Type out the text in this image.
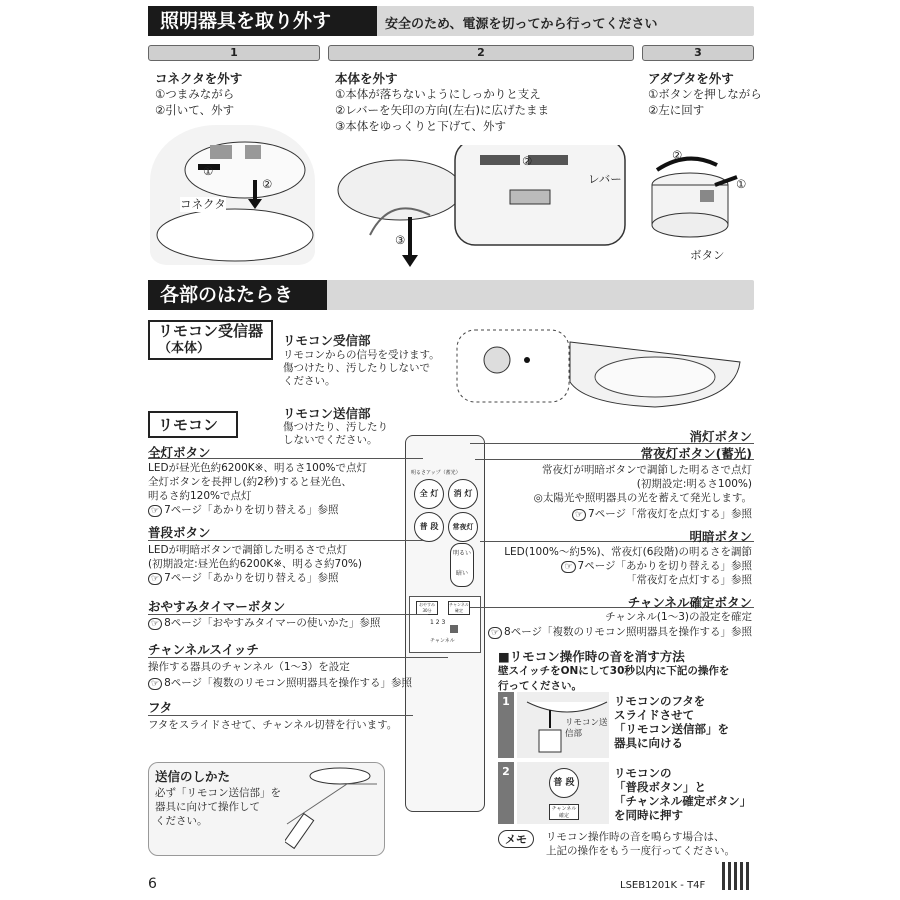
照明器具を取り外す	安全のため、電源を切ってから行ってください
1	2	3
コネクタを外す
①つまみながら
②引いて、外す
①
②
コネクタ
本体を外す
①本体が落ちないようにしっかりと支え
②レバーを矢印の方向(左右)に広げたまま
③本体をゆっくりと下げて、外す
②
レバー
③
アダプタを外す
①ボタンを押しながら
②左に回す
②
①
ボタン
各部のはたらき
リモコン受信器
（本体）
リモコン受信部
リモコンからの信号を受けます。
傷つけたり、汚したりしないで
ください。
リモコン
リモコン送信部
傷つけたり、汚したり
しないでください。
明るさアップ（蓄光）
全 灯	消 灯
普 段	常夜灯
明るい
暗い
おやすみ30分
チャンネル確定
1 2 3
チャンネル
全灯ボタン
LEDが昼光色約6200K※、明るさ100%で点灯
全灯ボタンを長押し(約2秒)すると昼光色、
明るさ約120%で点灯
☞ 7ページ「あかりを切り替える」参照
普段ボタン
LEDが明暗ボタンで調節した明るさで点灯
(初期設定:昼光色約6200K※、明るさ約70%)
☞ 7ページ「あかりを切り替える」参照
おやすみタイマーボタン
☞ 8ページ「おやすみタイマーの使いかた」参照
チャンネルスイッチ
操作する器具のチャンネル（1〜3）を設定
☞ 8ページ「複数のリモコン照明器具を操作する」参照
フタ
フタをスライドさせて、チャンネル切替を行います。
消灯ボタン
常夜灯ボタン(蓄光)
常夜灯が明暗ボタンで調節した明るさで点灯
(初期設定:明るさ100%)
◎太陽光や照明器具の光を蓄えて発光します。
☞ 7ページ「常夜灯を点灯する」参照
明暗ボタン
LED(100%〜約5%)、常夜灯(6段階)の明るさを調節
☞ 7ページ「あかりを切り替える」参照
「常夜灯を点灯する」参照
チャンネル確定ボタン
チャンネル(1〜3)の設定を確定
☞ 8ページ「複数のリモコン照明器具を操作する」参照
■リモコン操作時の音を消す方法
壁スイッチをONにして30秒以内に下記の操作を
行ってください。
1
リモコン送信部
リモコンのフタを
スライドさせて
「リモコン送信部」を
器具に向ける
2
普 段
チャンネル確定
リモコンの
「普段ボタン」と
「チャンネル確定ボタン」
を同時に押す
メモ	リモコン操作時の音を鳴らす場合は、
上記の操作をもう一度行ってください。
送信のしかた
必ず「リモコン送信部」を
器具に向けて操作して
ください。
6	LSEB1201K - T4F
